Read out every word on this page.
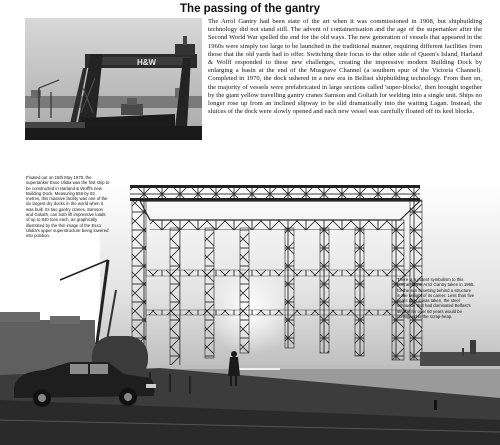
The passing of the gantry
H&W

The Arrol Gantry had been state of the art when it was commissioned in 1908, but shipbuilding technology did not stand still. The advent of containerisation and the age of the supertanker after the Second World War spelled the end for the old ways. The new generation of vessels that appeared in the 1960s were simply too large to be launched in the traditional manner, requiring different facilities from those that the old yards had to offer. Switching their focus to the other side of Queen's Island, Harland & Wolff responded to these new challenges, creating the impressive modern Building Dock by enlarging a basin at the end of the Musgrave Channel (a southern spur of the Victoria Channel). Completed in 1970, the dock ushered in a new era in Belfast shipbuilding technology. From then on, the majority of vessels were prefabricated in large sections called 'super-blocks', then brought together by the giant yellow travelling gantry cranes Samson and Goliath for welding into a single unit. Ships no longer rose up from an inclined slipway to be slid dramatically into the waiting Lagan. Instead, the sluices of the dock were slowly opened and each new vessel was carefully floated off its keel blocks.

Floated out on 15th May 1970, the supertanker Esso Ulidia was the first ship to be constructed in Harland & Wolff's new Building Dock. Measuring 556 by 93 metres, this massive facility was one of the six largest dry docks in the world when it was built. Its two gantry cranes, Samson and Goliath, can both lift impressive loads of up to 840 tons each, as graphically illustrated by the thin image of the Esso Ulidia's upper superstructure being lowered into position.

There is a potent symbolism to this portrait of the Arrol Gantry taken in 1965, for the sun is setting behind a structure in the twilight of its career. Less than five years after it was taken, the steel silhouette that had dominated Belfast's skyline for over 60 years would be consigned to the scrap-heap.
